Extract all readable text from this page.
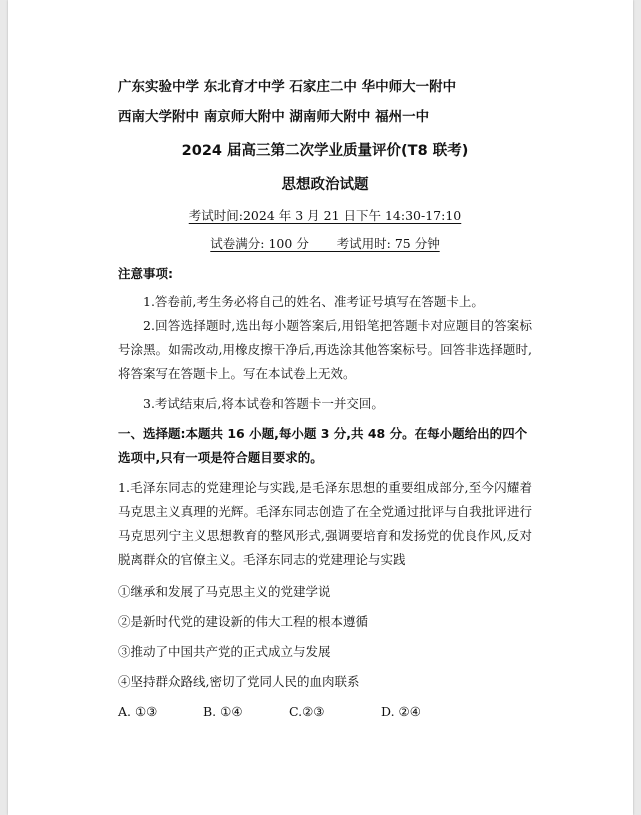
广东实验中学 东北育才中学 石家庄二中 华中师大一附中
西南大学附中 南京师大附中 湖南师大附中 福州一中
2024 届高三第二次学业质量评价(T8 联考)
思想政治试题
考试时间:2024 年 3 月 21 日下午 14:30-17:10
试卷满分: 100 分       考试用时: 75 分钟
注意事项:
1.答卷前,考生务必将自己的姓名、准考证号填写在答题卡上。
2.回答选择题时,选出每小题答案后,用铅笔把答题卡对应题目的答案标号涂黑。如需改动,用橡皮擦干净后,再选涂其他答案标号。回答非选择题时,将答案写在答题卡上。写在本试卷上无效。
3.考试结束后,将本试卷和答题卡一并交回。
一、选择题:本题共 16 小题,每小题 3 分,共 48 分。在每小题给出的四个选项中,只有一项是符合题目要求的。
1.毛泽东同志的党建理论与实践,是毛泽东思想的重要组成部分,至今闪耀着马克思主义真理的光辉。毛泽东同志创造了在全党通过批评与自我批评进行马克思列宁主义思想教育的整风形式,强调要培育和发扬党的优良作风,反对脱离群众的官僚主义。毛泽东同志的党建理论与实践
①继承和发展了马克思主义的党建学说
②是新时代党的建设新的伟大工程的根本遵循
③推动了中国共产党的正式成立与发展
④坚持群众路线,密切了党同人民的血肉联系
A. ①③	B. ①④	C.②③	D. ②④
